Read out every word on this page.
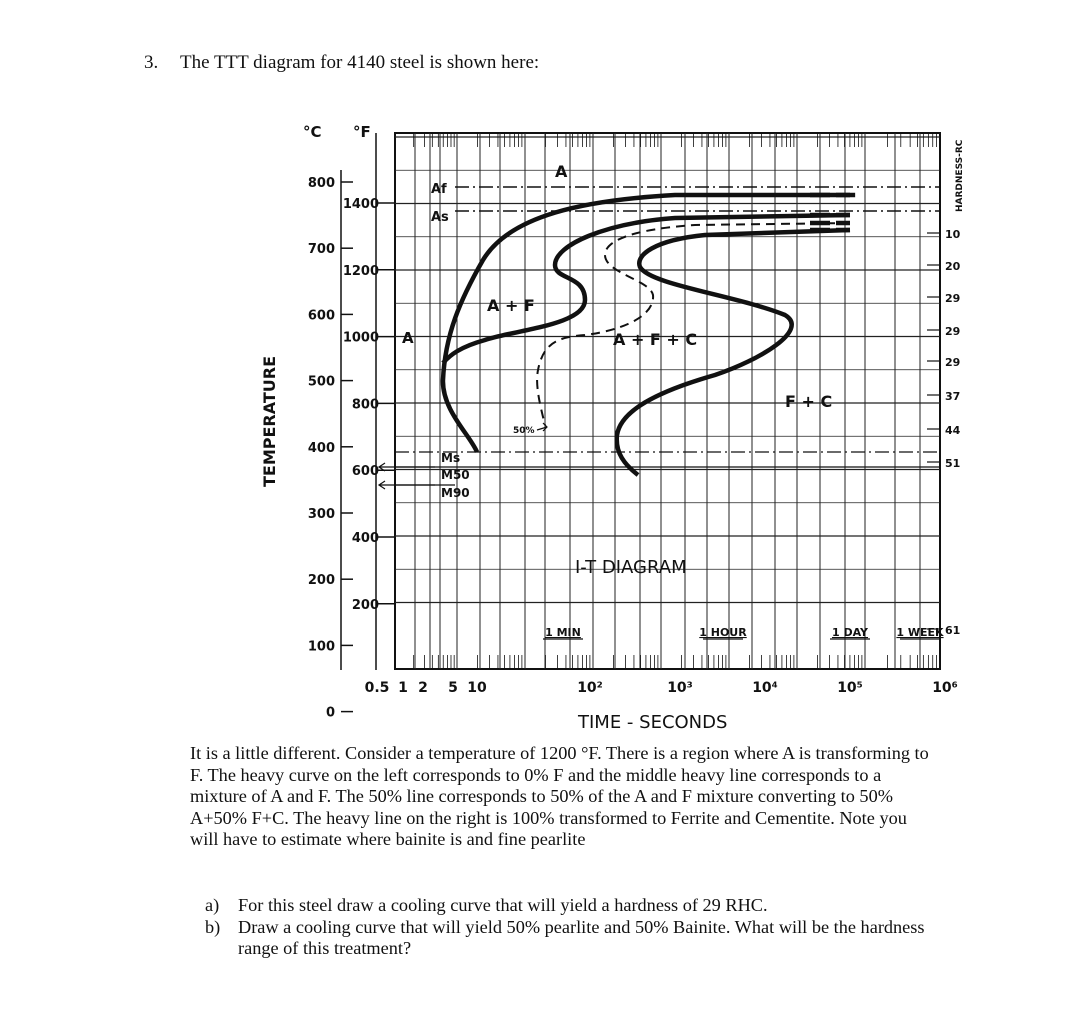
3. The TTT diagram for 4140 steel is shown here:
A
A
A + F
A + F + C
F + C
50%
Af
As
Ms
M50
M90
°C °F
TEMPERATURE
HARDNESS-RC
I-T DIAGRAM
TIME - SECONDS
800
700
600
500
400
300
200
100
0
1400
1200
1000
800
600
400
200
0.5 1 2 5 10	10²	10³	10⁴	10⁵	10⁶
10
20
29
29
29
37
44
51
61
1 MIN	1 HOUR	1 DAY	1 WEEK

It is a little different. Consider a temperature of 1200 °F. There is a region where A is transforming to F. The heavy curve on the left corresponds to 0% F and the middle heavy line corresponds to a mixture of A and F. The 50% line corresponds to 50% of the A and F mixture converting to 50% A+50% F+C. The heavy line on the right is 100% transformed to Ferrite and Cementite. Note you will have to estimate where bainite is and fine pearlite

a) For this steel draw a cooling curve that will yield a hardness of 29 RHC.
b) Draw a cooling curve that will yield 50% pearlite and 50% Bainite. What will be the hardness range of this treatment?
